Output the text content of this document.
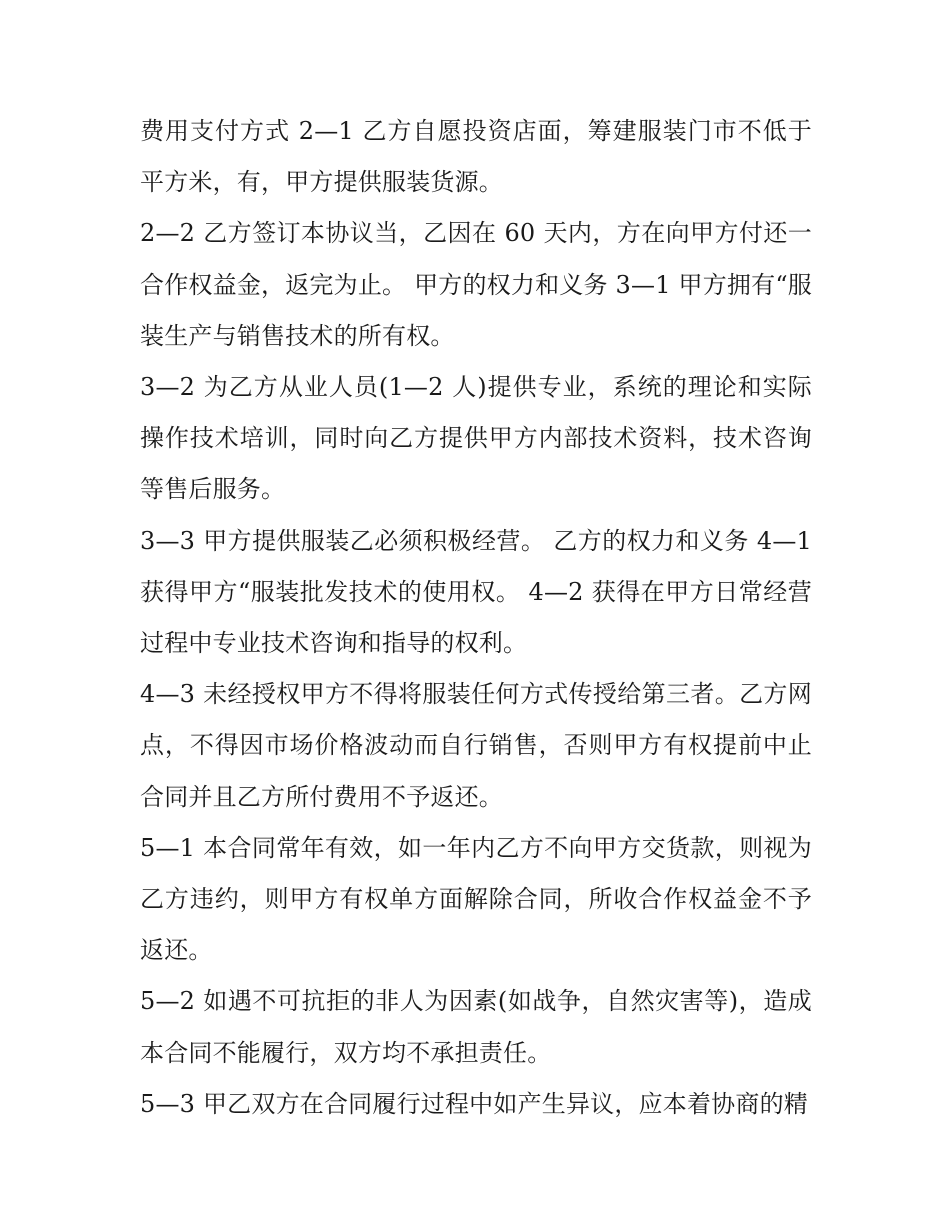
费用支付方式 2—1 乙方自愿投资店面，筹建服装门市不低于平方米，有，甲方提供服装货源。

2—2 乙方签订本协议当，乙因在 60 天内，方在向甲方付还一合作权益金，返完为止。 甲方的权力和义务 3—1 甲方拥有“服装生产与销售技术的所有权。

3—2 为乙方从业人员(1—2 人)提供专业，系统的理论和实际操作技术培训，同时向乙方提供甲方内部技术资料，技术咨询等售后服务。

3—3 甲方提供服装乙必须积极经营。 乙方的权力和义务 4—1 获得甲方“服装批发技术的使用权。 4—2 获得在甲方日常经营过程中专业技术咨询和指导的权利。

4—3 未经授权甲方不得将服装任何方式传授给第三者。乙方网点，不得因市场价格波动而自行销售，否则甲方有权提前中止合同并且乙方所付费用不予返还。

5—1 本合同常年有效，如一年内乙方不向甲方交货款，则视为乙方违约，则甲方有权单方面解除合同，所收合作权益金不予返还。

5—2 如遇不可抗拒的非人为因素(如战争，自然灾害等)，造成本合同不能履行，双方均不承担责任。

5—3 甲乙双方在合同履行过程中如产生异议，应本着协商的精
